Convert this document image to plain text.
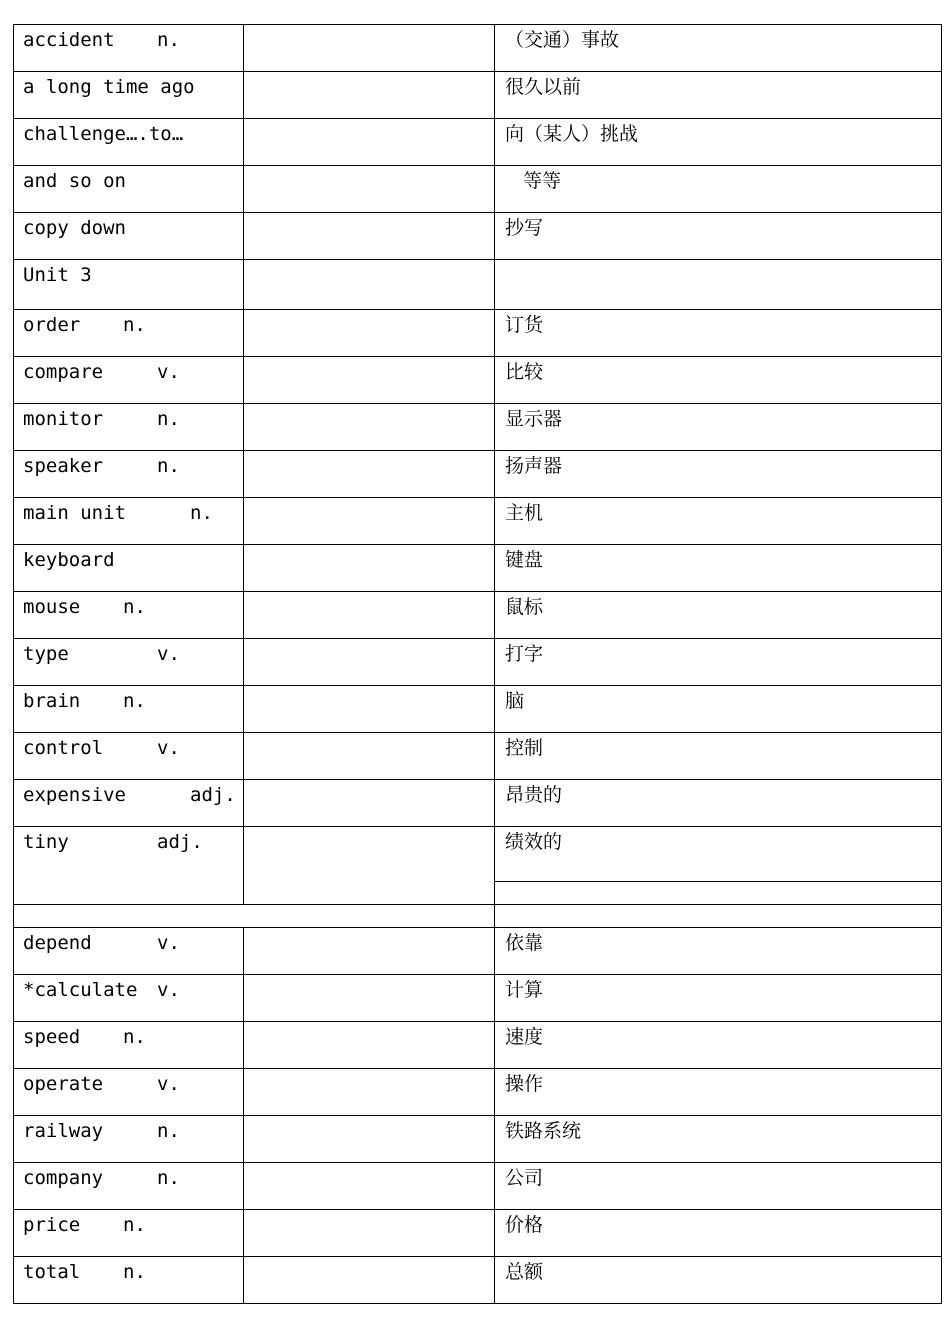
accident n.		（交通）事故

a long time ago		很久以前

challenge….to…		向（某人）挑战

and so on		等等

copy down		抄写

Unit 3		

order n.		订货

compare v.		比较

monitor n.		显示器

speaker n.		扬声器

main unit n.		主机

keyboard		键盘

mouse n.		鼠标

type v.		打字

brain n.		脑

control v.		控制

expensive adj.		昂贵的

tiny adj.		绩效的

depend v.		依靠

*calculate v.		计算

speed n.		速度

operate v.		操作

railway n.		铁路系统

company n.		公司

price n.		价格

total n.		总额
